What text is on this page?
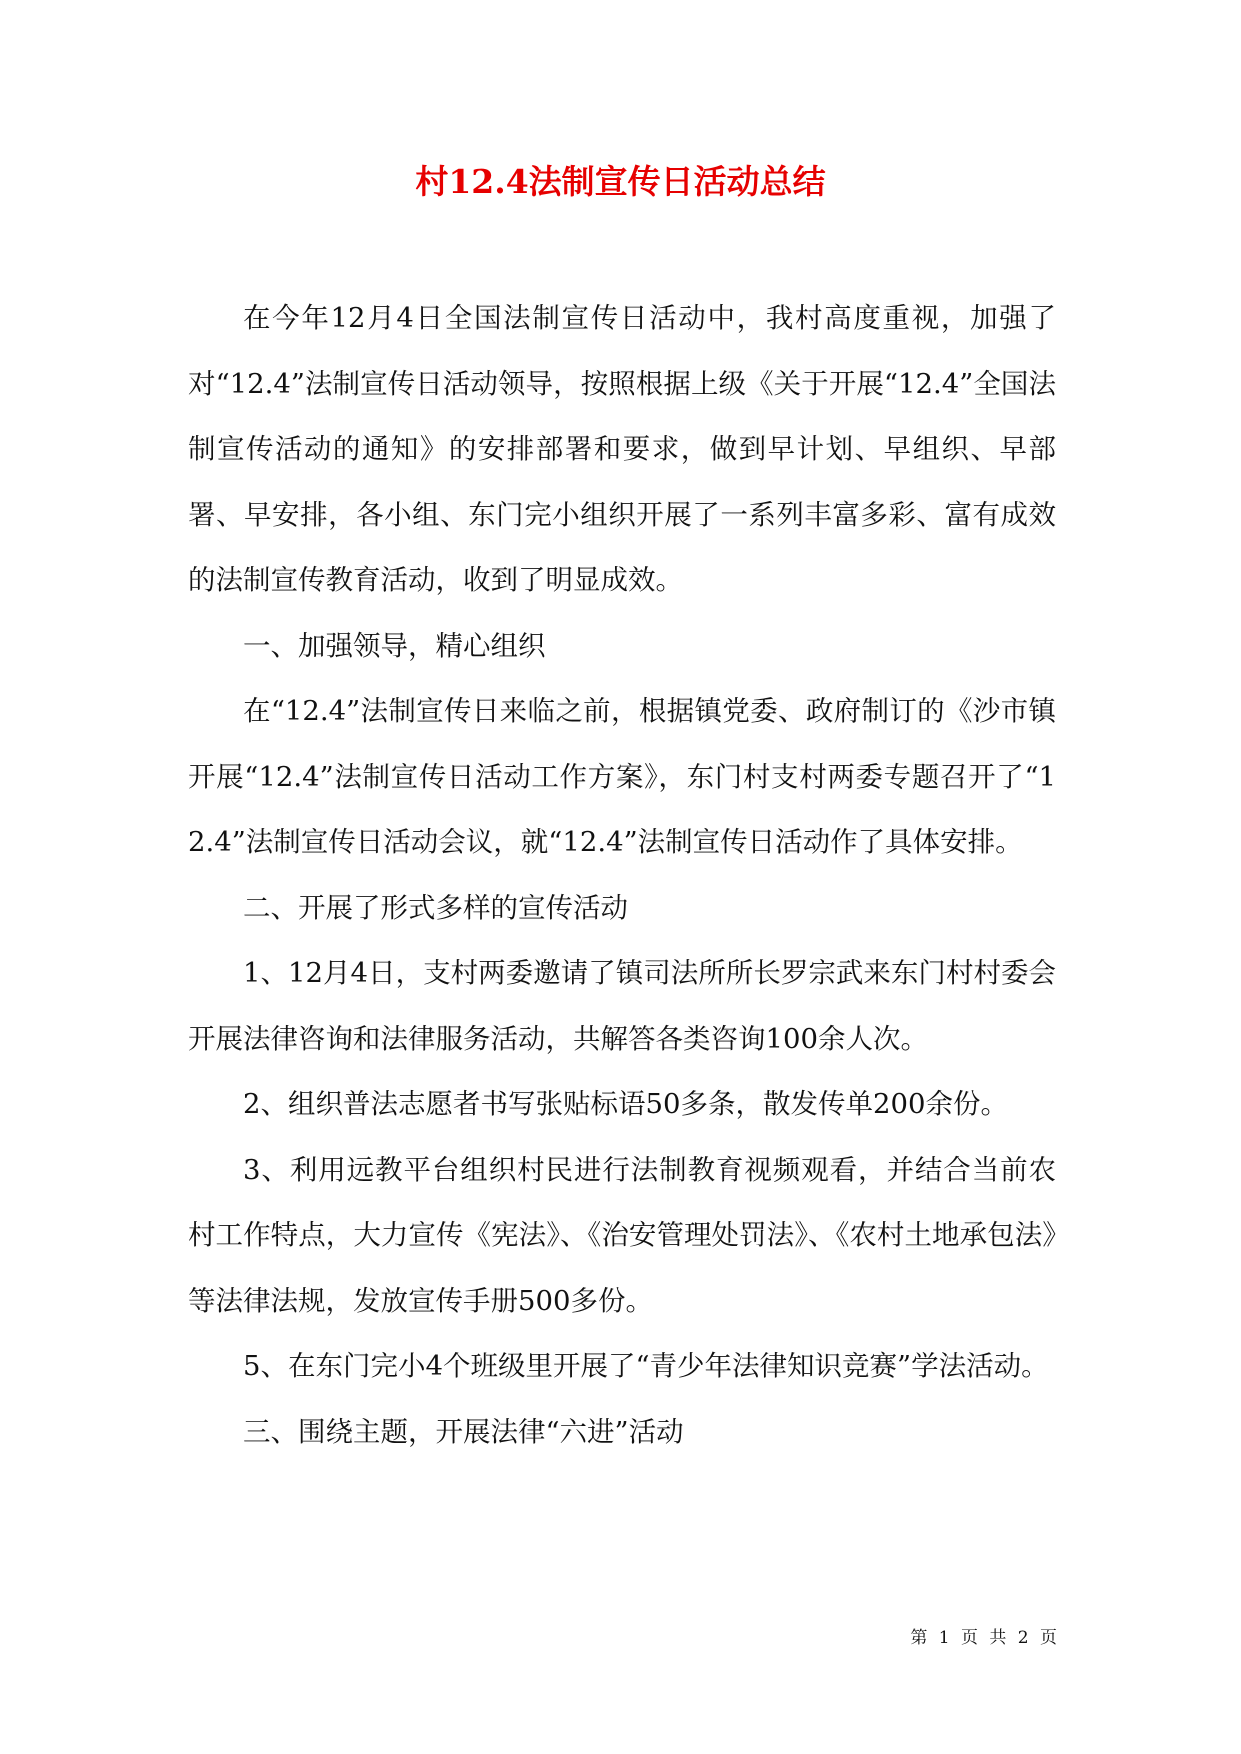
村12.4法制宣传日活动总结

在今年12月4日全国法制宣传日活动中，我村高度重视，加强了对“12.4”法制宣传日活动领导，按照根据上级《关于开展“12.4”全国法制宣传活动的通知》的安排部署和要求，做到早计划、早组织、早部署、早安排，各小组、东门完小组织开展了一系列丰富多彩、富有成效的法制宣传教育活动，收到了明显成效。

一、加强领导，精心组织

在“12.4”法制宣传日来临之前，根据镇党委、政府制订的《沙市镇开展“12.4”法制宣传日活动工作方案》，东门村支村两委专题召开了“12.4”法制宣传日活动会议，就“12.4”法制宣传日活动作了具体安排。

二、开展了形式多样的宣传活动

1、12月4日，支村两委邀请了镇司法所所长罗宗武来东门村村委会开展法律咨询和法律服务活动，共解答各类咨询100余人次。

2、组织普法志愿者书写张贴标语50多条，散发传单200余份。

3、利用远教平台组织村民进行法制教育视频观看，并结合当前农村工作特点，大力宣传《宪法》、《治安管理处罚法》、《农村土地承包法》等法律法规，发放宣传手册500多份。

5、在东门完小4个班级里开展了“青少年法律知识竞赛”学法活动。

三、围绕主题，开展法律“六进”活动

第 1 页 共 2 页
